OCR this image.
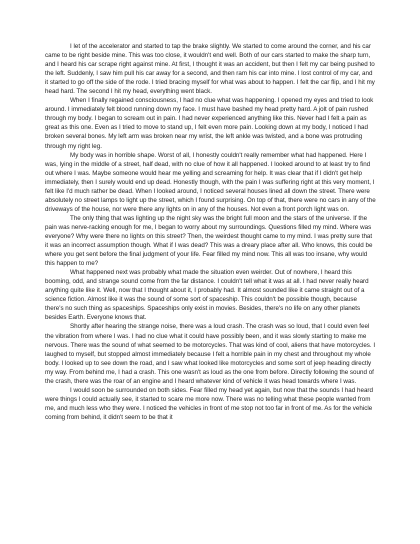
I let of the accelerator and started to tap the brake slightly. We started to come around the corner, and his car came to be right beside mine. This was too close, it wouldn't end well. Both of our cars started to make the sharp turn, and I heard his car scrape right against mine. At first, I thought it was an accident, but then I felt my car being pushed to the left. Suddenly, I saw him pull his car away for a second, and then ram his car into mine. I lost control of my car, and it started to go off the side of the rode. I tried bracing myself for what was about to happen. I felt the car flip, and I hit my head hard. The second I hit my head, everything went black.

When I finally regained consciousness, I had no clue what was happening. I opened my eyes and tried to look around. I immediately felt blood running down my face. I must have bashed my head pretty hard. A jolt of pain rushed through my body. I began to scream out in pain. I had never experienced anything like this. Never had I felt a pain as great as this one. Even as I tried to move to stand up, I felt even more pain. Looking down at my body, I noticed I had broken several bones. My left arm was broken near my wrist, the left ankle was twisted, and a bone was protruding through my right leg.

My body was in horrible shape. Worst of all, I honestly couldn't really remember what had happened. Here I was, lying in the middle of a street, half dead, with no clue of how it all happened. I looked around to at least try to find out where I was. Maybe someone would hear me yelling and screaming for help. It was clear that if I didn't get help immediately, then I surely would end up dead. Honestly though, with the pain I was suffering right at this very moment, I felt like I'd much rather be dead. When I looked around, I noticed several houses lined all down the street. There were absolutely no street lamps to light up the street, which I found surprising. On top of that, there were no cars in any of the driveways of the house, nor were there any lights on in any of the houses. Not even a front porch light was on.

The only thing that was lighting up the night sky was the bright full moon and the stars of the universe. If the pain was nerve-racking enough for me, I began to worry about my surroundings. Questions filled my mind. Where was everyone? Why were there no lights on this street? Then, the weirdest thought came to my mind. I was pretty sure that it was an incorrect assumption though. What if I was dead? This was a dreary place after all. Who knows, this could be where you get sent before the final judgment of your life. Fear filled my mind now. This all was too insane, why would this happen to me?

What happened next was probably what made the situation even weirder. Out of nowhere, I heard this booming, odd, and strange sound come from the far distance. I couldn't tell what it was at all. I had never really heard anything quite like it. Well, now that I thought about it, I probably had. It almost sounded like it came straight out of a science fiction. Almost like it was the sound of some sort of spaceship. This couldn't be possible though, because there's no such thing as spaceships. Spaceships only exist in movies. Besides, there's no life on any other planets besides Earth. Everyone knows that.

Shortly after hearing the strange noise, there was a loud crash. The crash was so loud, that I could even feel the vibration from where I was. I had no clue what it could have possibly been, and it was slowly starting to make me nervous. There was the sound of what seemed to be motorcycles. That was kind of cool, aliens that have motorcycles. I laughed to myself, but stopped almost immediately because I felt a horrible pain in my chest and throughout my whole body. I looked up to see down the road, and I saw what looked like motorcycles and some sort of jeep heading directly my way. From behind me, I had a crash. This one wasn't as loud as the one from before. Directly following the sound of the crash, there was the roar of an engine and I heard whatever kind of vehicle it was head towards where I was.

I would soon be surrounded on both sides. Fear filled my head yet again, but now that the sounds I had heard were things I could actually see, it started to scare me more now. There was no telling what these people wanted from me, and much less who they were. I noticed the vehicles in front of me stop not too far in front of me. As for the vehicle coming from behind, it didn't seem to be that it
